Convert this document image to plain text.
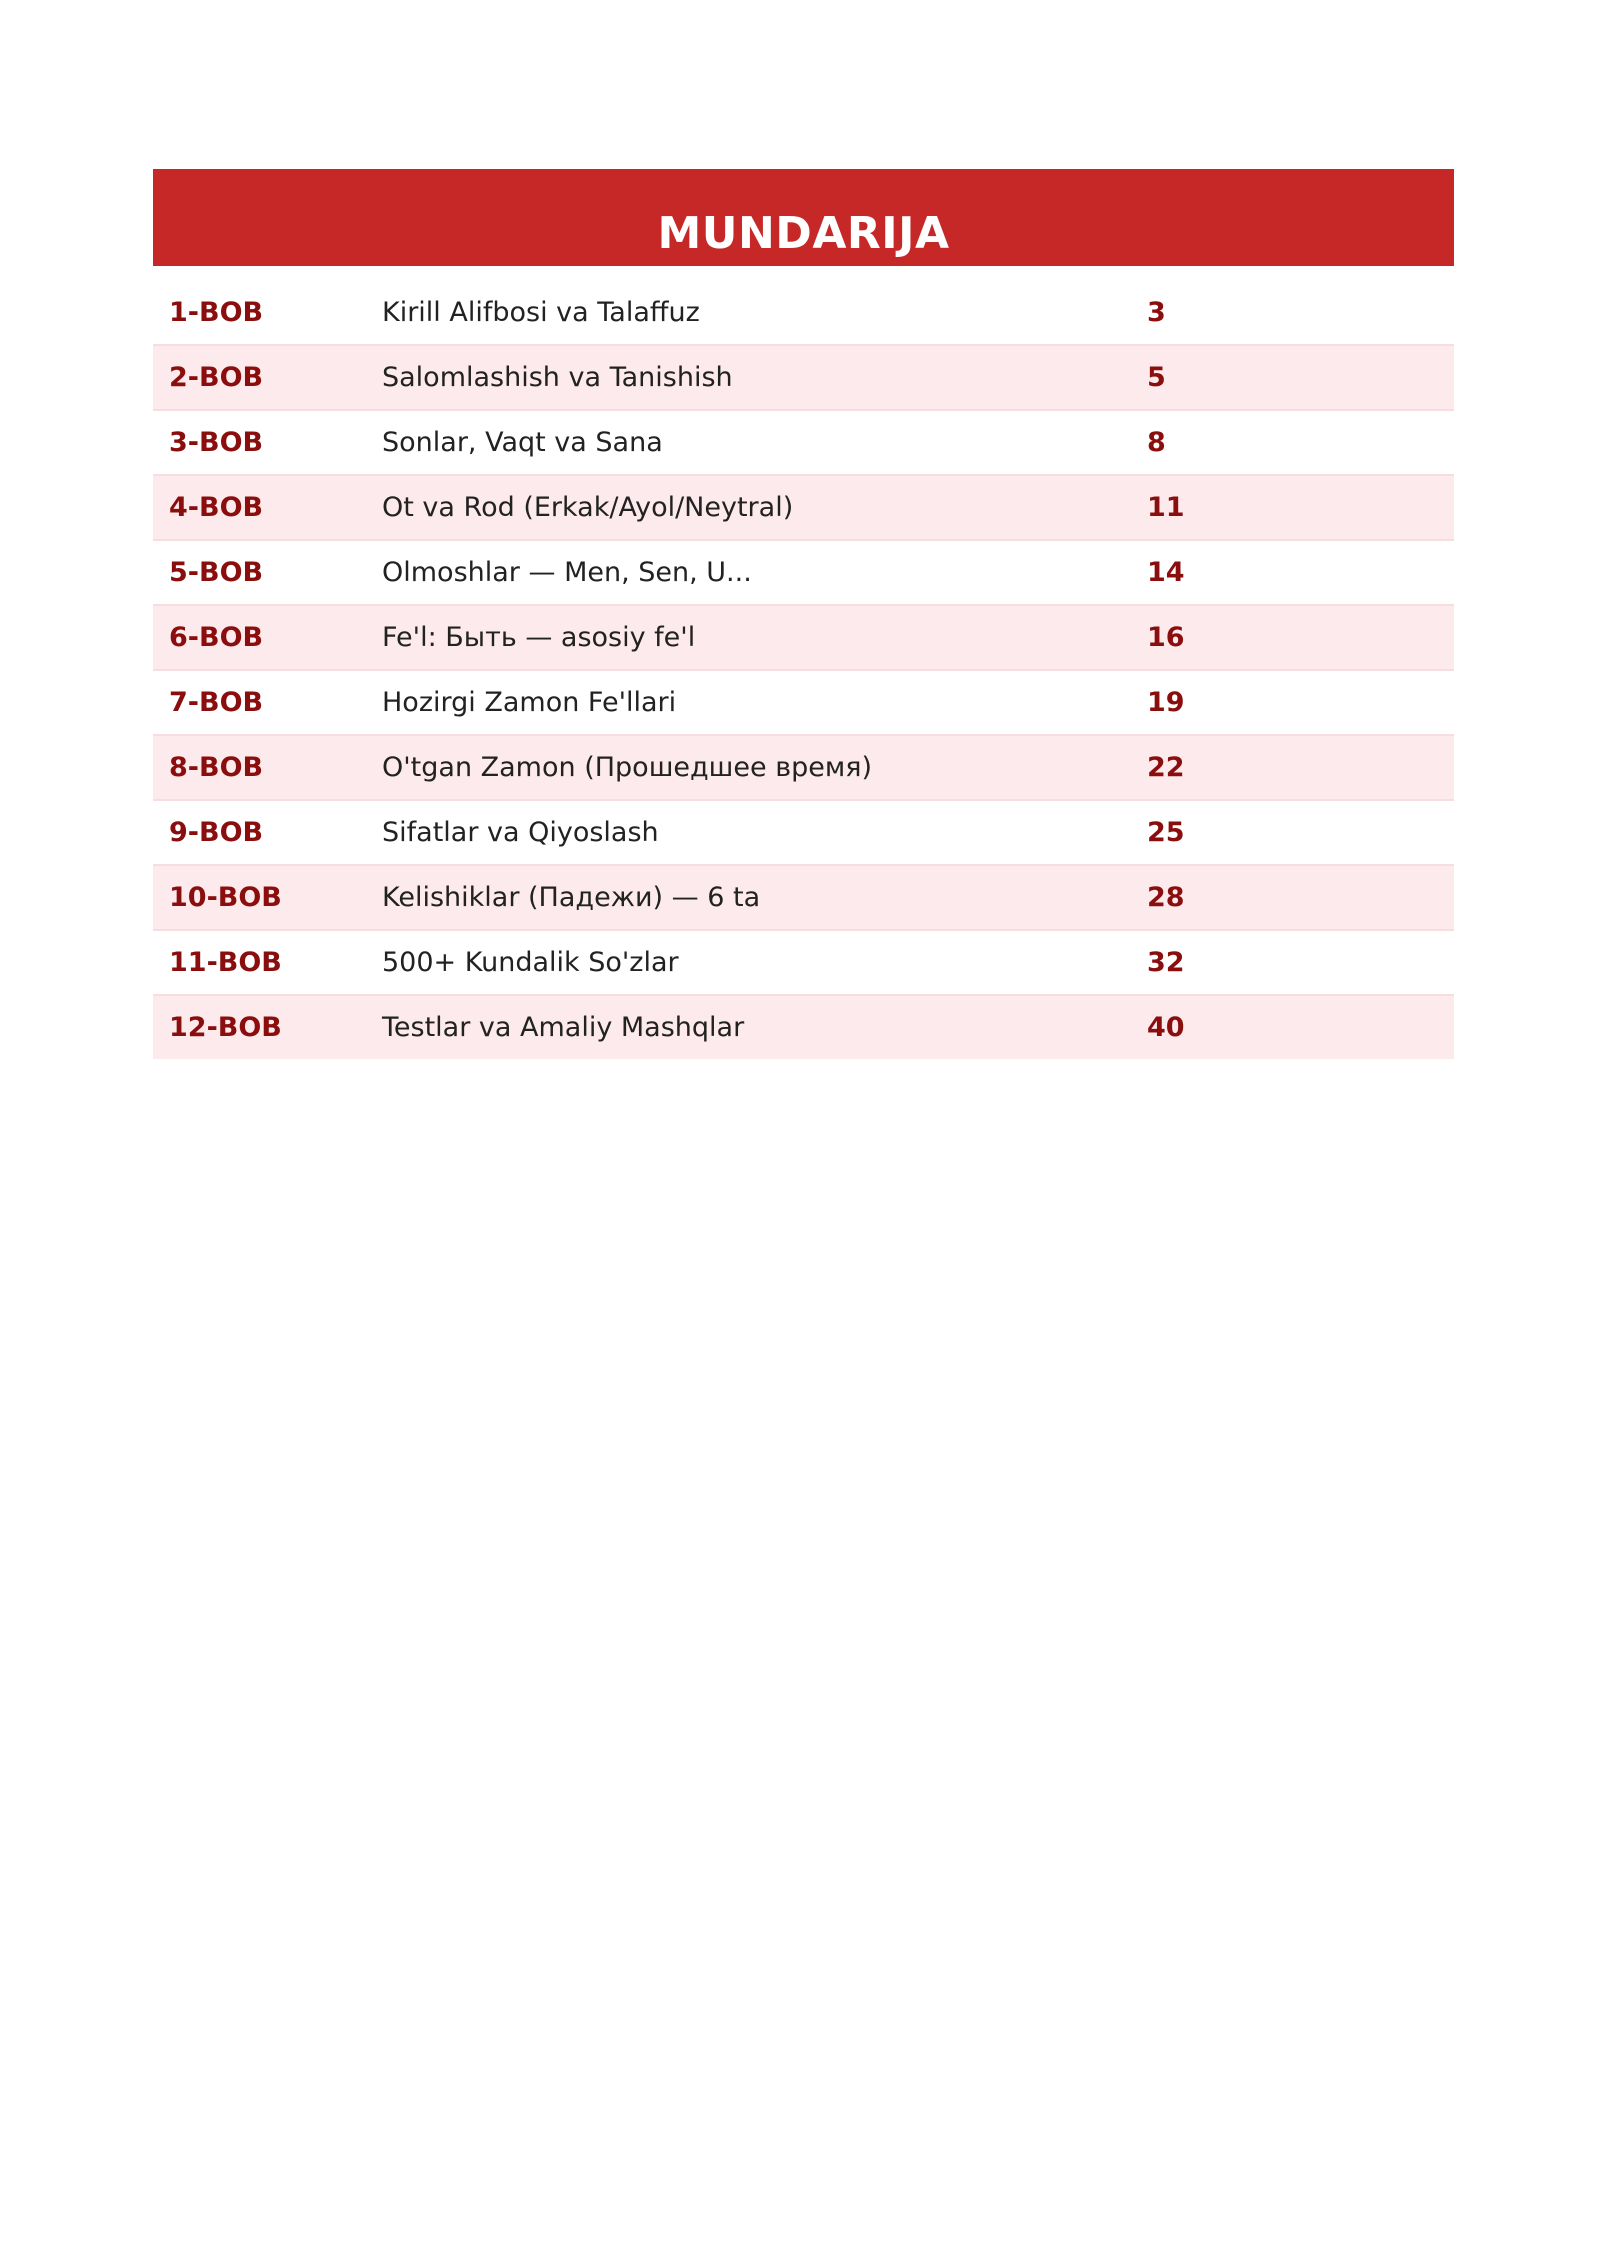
MUNDARIJA
1-BOB	Kirill Alifbosi va Talaffuz	3
2-BOB	Salomlashish va Tanishish	5
3-BOB	Sonlar, Vaqt va Sana	8
4-BOB	Ot va Rod (Erkak/Ayol/Neytral)	11
5-BOB	Olmoshlar — Men, Sen, U...	14
6-BOB	Fe'l: Быть — asosiy fe'l	16
7-BOB	Hozirgi Zamon Fe'llari	19
8-BOB	O'tgan Zamon (Прошедшее время)	22
9-BOB	Sifatlar va Qiyoslash	25
10-BOB	Kelishiklar (Падежи) — 6 ta	28
11-BOB	500+ Kundalik So'zlar	32
12-BOB	Testlar va Amaliy Mashqlar	40
